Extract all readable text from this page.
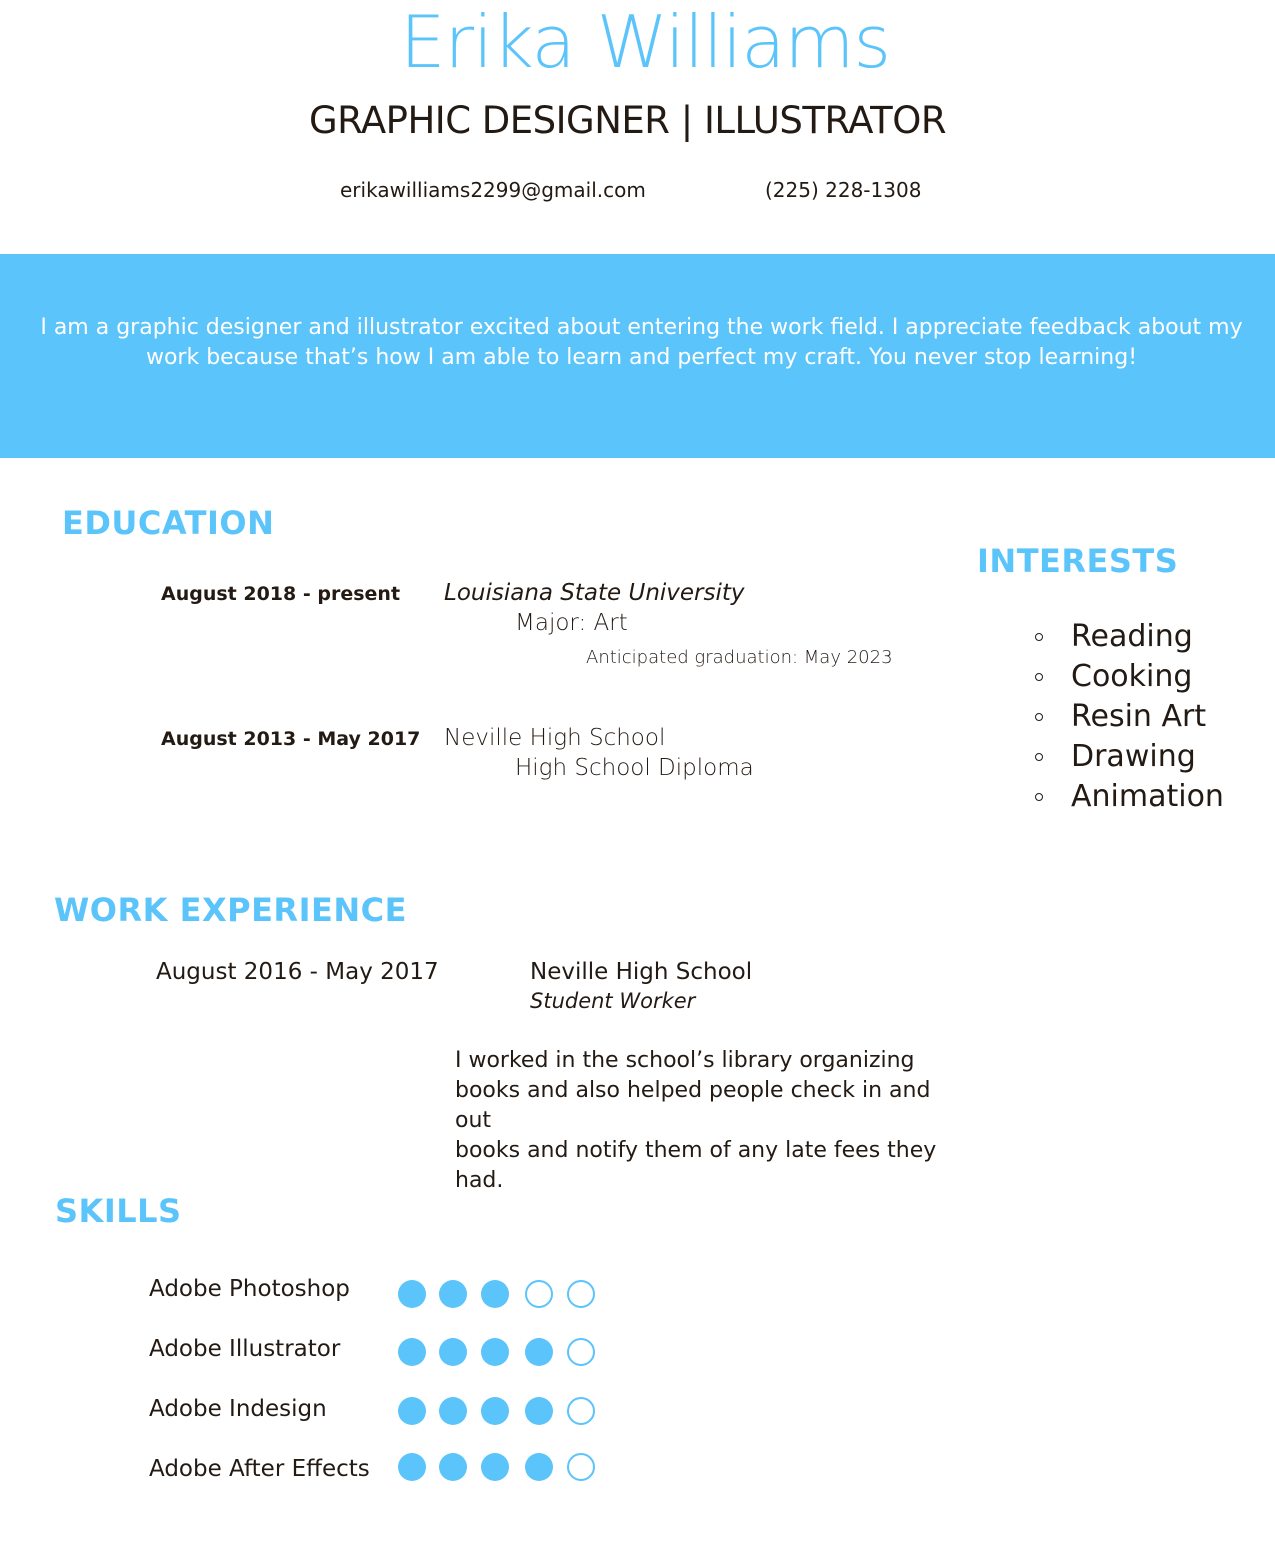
Erika Williams
GRAPHIC DESIGNER | ILLUSTRATOR
erikawilliams2299@gmail.com	(225) 228-1308
I am a graphic designer and illustrator excited about entering the work field. I appreciate feedback about my
work because that’s how I am able to learn and perfect my craft. You never stop learning!
EDUCATION
August 2018 - present Louisiana State University
Major: Art
Anticipated graduation: May 2023
August 2013 - May 2017 Neville High School
High School Diploma
INTERESTS
Reading
Cooking
Resin Art
Drawing
Animation
WORK EXPERIENCE
August 2016 - May 2017	Neville High School
Student Worker
I worked in the school’s library organizing
books and also helped people check in and out
books and notify them of any late fees they had.
SKILLS
Adobe Photoshop
Adobe Illustrator
Adobe Indesign
Adobe After Effects
